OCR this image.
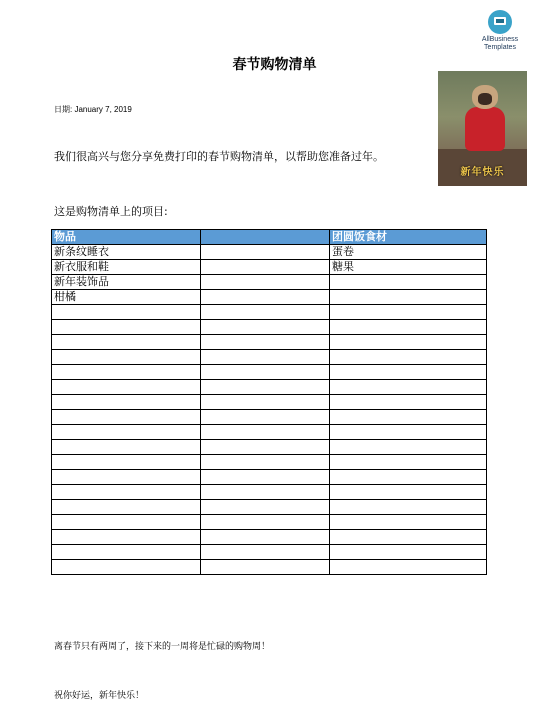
AllBusiness
Templates
春节购物清单
新年快乐
日期: January 7, 2019
我们很高兴与您分享免费打印的春节购物清单，以帮助您准备过年。
这是购物清单上的项目:
物品		团圆饭食材
新条纹睡衣		蛋卷
新衣服和鞋		糖果
新年装饰品		
柑橘		

离春节只有两周了，接下来的一周将是忙碌的购物周！
祝你好运，新年快乐！
